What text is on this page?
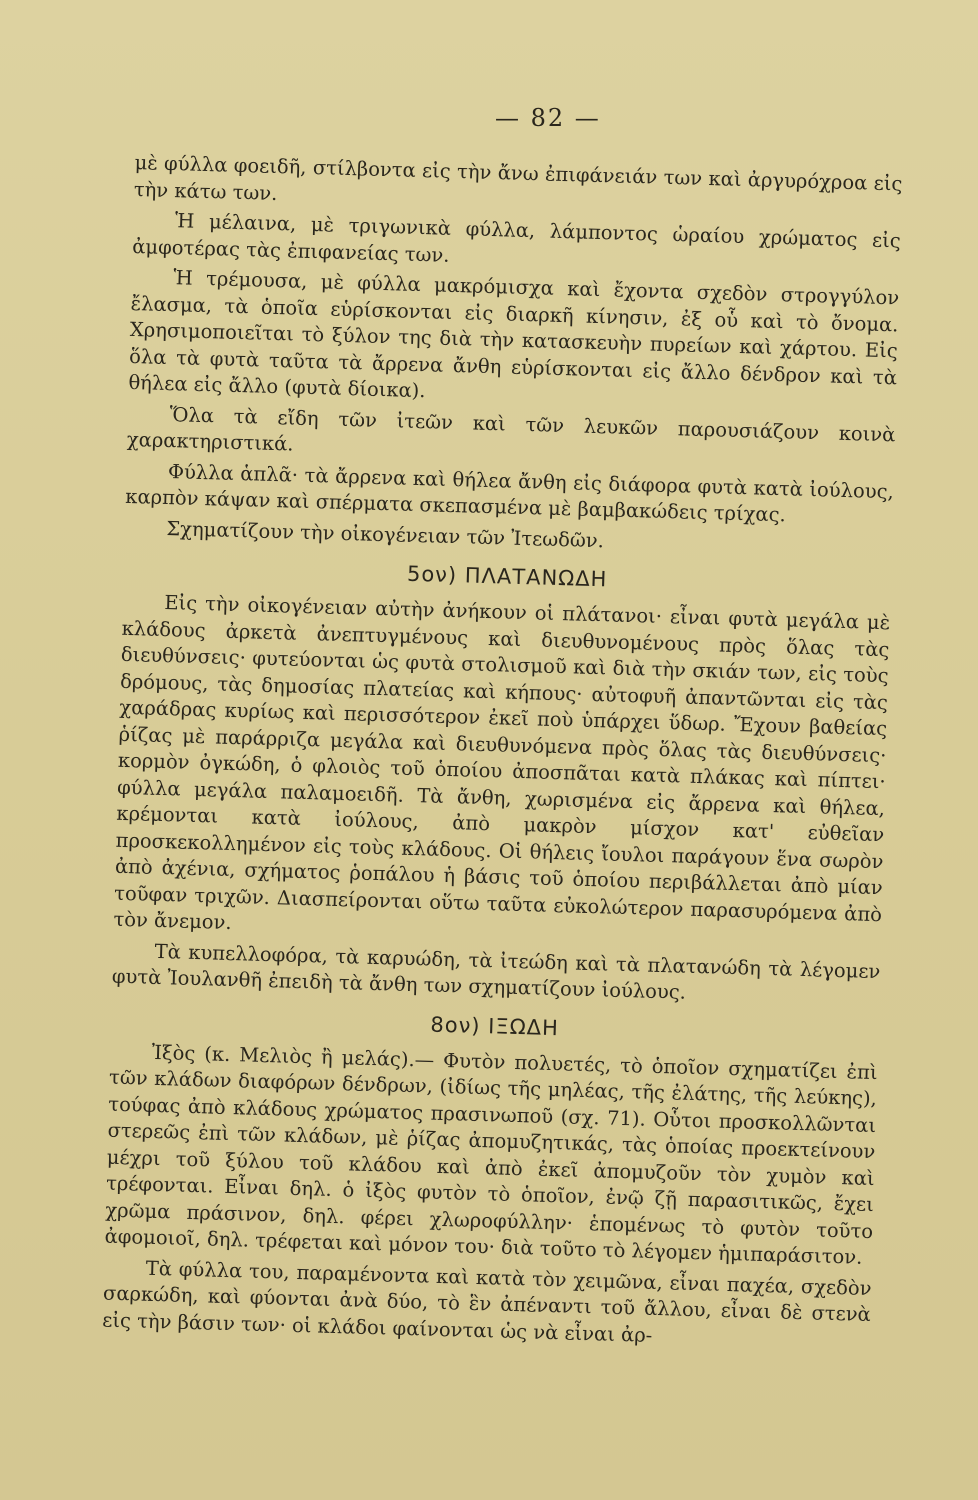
— 82 —

μὲ φύλλα φοειδῆ, στίλβοντα εἰς τὴν ἄνω ἐπιφάνειάν των καὶ ἀργυρόχροα εἰς τὴν κάτω των.

Ἡ μέλαινα, μὲ τριγωνικὰ φύλλα, λάμποντος ὡραίου χρώματος εἰς ἀμφοτέρας τὰς ἐπιφανείας των.

Ἡ τρέμουσα, μὲ φύλλα μακρόμισχα καὶ ἔχοντα σχεδὸν στρογγύλον ἔλασμα, τὰ ὁποῖα εὑρίσκονται εἰς διαρκῆ κίνησιν, ἐξ οὗ καὶ τὸ ὄνομα. Χρησιμοποιεῖται τὸ ξύλον της διὰ τὴν κατασκευὴν πυρείων καὶ χάρτου. Εἰς ὅλα τὰ φυτὰ ταῦτα τὰ ἄρρενα ἄνθη εὑρίσκονται εἰς ἄλλο δένδρον καὶ τὰ θήλεα εἰς ἄλλο (φυτὰ δίοικα).

Ὅλα τὰ εἴδη τῶν ἰτεῶν καὶ τῶν λευκῶν παρουσιάζουν κοινὰ χαρακτηριστικά.

Φύλλα ἁπλᾶ· τὰ ἄρρενα καὶ θήλεα ἄνθη εἰς διάφορα φυτὰ κατὰ ἰούλους, καρπὸν κάψαν καὶ σπέρματα σκεπασμένα μὲ βαμβακώδεις τρίχας.

Σχηματίζουν τὴν οἰκογένειαν τῶν Ἰτεωδῶν.

5ον) ΠΛΑΤΑΝΩΔΗ

Εἰς τὴν οἰκογένειαν αὐτὴν ἀνήκουν οἱ πλάτανοι· εἶναι φυτὰ μεγάλα μὲ κλάδους ἀρκετὰ ἀνεπτυγμένους καὶ διευθυνομένους πρὸς ὅλας τὰς διευθύνσεις· φυτεύονται ὡς φυτὰ στολισμοῦ καὶ διὰ τὴν σκιάν των, εἰς τοὺς δρόμους, τὰς δημοσίας πλατείας καὶ κήπους· αὐτοφυῆ ἀπαντῶνται εἰς τὰς χαράδρας κυρίως καὶ περισσότερον ἐκεῖ ποὺ ὑπάρχει ὕδωρ. Ἔχουν βαθείας ῥίζας μὲ παράρριζα μεγάλα καὶ διευθυνόμενα πρὸς ὅλας τὰς διευθύνσεις· κορμὸν ὀγκώδη, ὁ φλοιὸς τοῦ ὁποίου ἀποσπᾶται κατὰ πλάκας καὶ πίπτει· φύλλα μεγάλα παλαμοειδῆ. Τὰ ἄνθη, χωρισμένα εἰς ἄρρενα καὶ θήλεα, κρέμονται κατὰ ἰούλους, ἀπὸ μακρὸν μίσχον κατ' εὐθεῖαν προσκεκολλημένον εἰς τοὺς κλάδους. Οἱ θήλεις ἴουλοι παράγουν ἕνα σωρὸν ἀπὸ ἀχένια, σχήματος ῥοπάλου ἡ βάσις τοῦ ὁποίου περιβάλλεται ἀπὸ μίαν τοῦφαν τριχῶν. Διασπείρονται οὕτω ταῦτα εὐκολώτερον παρασυρόμενα ἀπὸ τὸν ἄνεμον.

Τὰ κυπελλοφόρα, τὰ καρυώδη, τὰ ἰτεώδη καὶ τὰ πλατανώδη τὰ λέγομεν φυτὰ Ἰουλανθῆ ἐπειδὴ τὰ ἄνθη των σχηματίζουν ἰούλους.

8ον) ΙΞΩΔΗ

Ἰξὸς (κ. Μελιὸς ἢ μελάς).— Φυτὸν πολυετές, τὸ ὁποῖον σχηματίζει ἐπὶ τῶν κλάδων διαφόρων δένδρων, (ἰδίως τῆς μηλέας, τῆς ἐλάτης, τῆς λεύκης), τούφας ἀπὸ κλάδους χρώματος πρασινωποῦ (σχ. 71). Οὗτοι προσκολλῶνται στερεῶς ἐπὶ τῶν κλάδων, μὲ ῥίζας ἀπομυζητικάς, τὰς ὁποίας προεκτείνουν μέχρι τοῦ ξύλου τοῦ κλάδου καὶ ἀπὸ ἐκεῖ ἀπομυζοῦν τὸν χυμὸν καὶ τρέφονται. Εἶναι δηλ. ὁ ἰξὸς φυτὸν τὸ ὁποῖον, ἐνῷ ζῇ παρασιτικῶς, ἔχει χρῶμα πράσινον, δηλ. φέρει χλωροφύλλην· ἑπομένως τὸ φυτὸν τοῦτο ἀφομοιοῖ, δηλ. τρέφεται καὶ μόνον του· διὰ τοῦτο τὸ λέγομεν ἡμιπαράσιτον.

Τὰ φύλλα του, παραμένοντα καὶ κατὰ τὸν χειμῶνα, εἶναι παχέα, σχεδὸν σαρκώδη, καὶ φύονται ἀνὰ δύο, τὸ ἓν ἀπέναντι τοῦ ἄλλου, εἶναι δὲ στενὰ εἰς τὴν βάσιν των· οἱ κλάδοι φαίνονται ὡς νὰ εἶναι ἀρ-
